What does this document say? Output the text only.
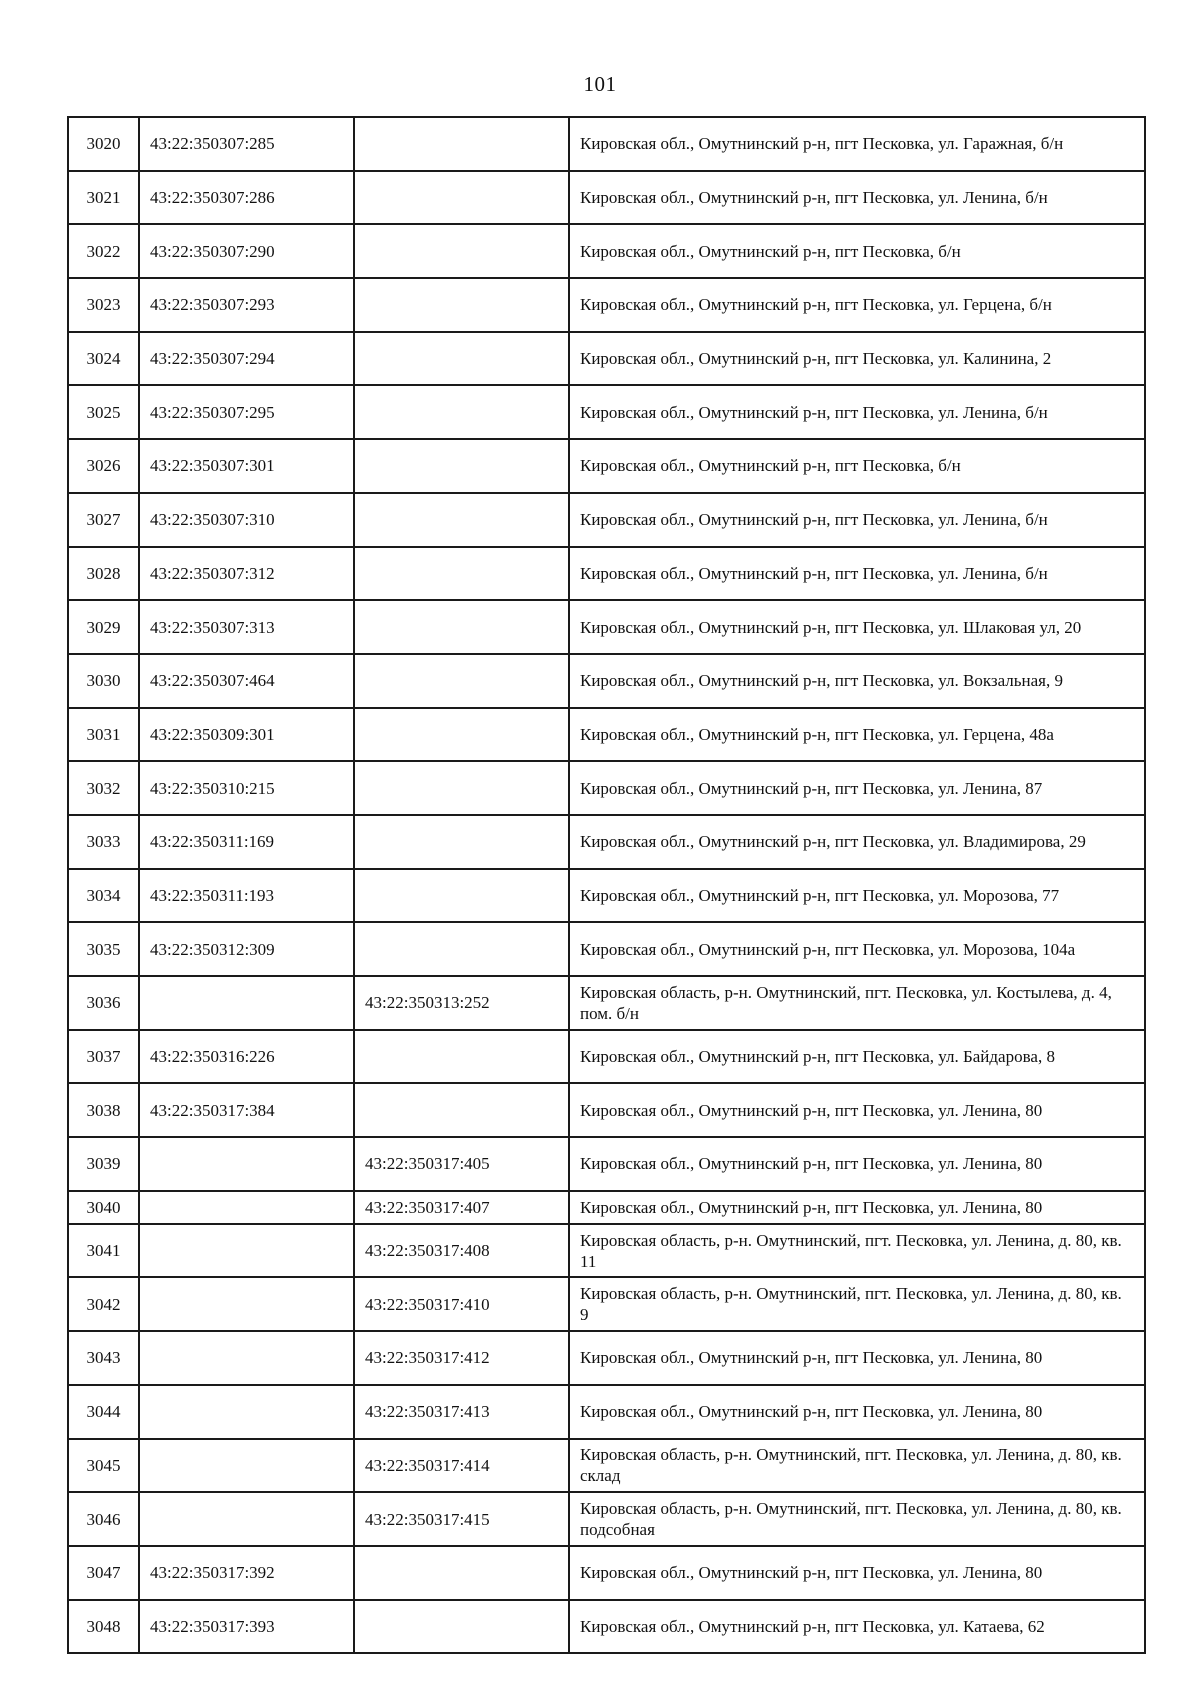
101
3020	43:22:350307:285		Кировская обл., Омутнинский р-н, пгт Песковка, ул. Гаражная, б/н
3021	43:22:350307:286		Кировская обл., Омутнинский р-н, пгт Песковка, ул. Ленина, б/н
3022	43:22:350307:290		Кировская обл., Омутнинский р-н, пгт Песковка, б/н
3023	43:22:350307:293		Кировская обл., Омутнинский р-н, пгт Песковка, ул. Герцена, б/н
3024	43:22:350307:294		Кировская обл., Омутнинский р-н, пгт Песковка, ул. Калинина, 2
3025	43:22:350307:295		Кировская обл., Омутнинский р-н, пгт Песковка, ул. Ленина, б/н
3026	43:22:350307:301		Кировская обл., Омутнинский р-н, пгт Песковка, б/н
3027	43:22:350307:310		Кировская обл., Омутнинский р-н, пгт Песковка, ул. Ленина, б/н
3028	43:22:350307:312		Кировская обл., Омутнинский р-н, пгт Песковка, ул. Ленина, б/н
3029	43:22:350307:313		Кировская обл., Омутнинский р-н, пгт Песковка, ул. Шлаковая ул, 20
3030	43:22:350307:464		Кировская обл., Омутнинский р-н, пгт Песковка, ул. Вокзальная, 9
3031	43:22:350309:301		Кировская обл., Омутнинский р-н, пгт Песковка, ул. Герцена, 48а
3032	43:22:350310:215		Кировская обл., Омутнинский р-н, пгт Песковка, ул. Ленина, 87
3033	43:22:350311:169		Кировская обл., Омутнинский р-н, пгт Песковка, ул. Владимирова, 29
3034	43:22:350311:193		Кировская обл., Омутнинский р-н, пгт Песковка, ул. Морозова, 77
3035	43:22:350312:309		Кировская обл., Омутнинский р-н, пгт Песковка, ул. Морозова, 104а
3036		43:22:350313:252	Кировская область, р-н. Омутнинский, пгт. Песковка, ул. Костылева, д. 4, пом. б/н
3037	43:22:350316:226		Кировская обл., Омутнинский р-н, пгт Песковка, ул. Байдарова, 8
3038	43:22:350317:384		Кировская обл., Омутнинский р-н, пгт Песковка, ул. Ленина, 80
3039		43:22:350317:405	Кировская обл., Омутнинский р-н, пгт Песковка, ул. Ленина, 80
3040		43:22:350317:407	Кировская обл., Омутнинский р-н, пгт Песковка, ул. Ленина, 80
3041		43:22:350317:408	Кировская область, р-н. Омутнинский, пгт. Песковка, ул. Ленина, д. 80, кв. 11
3042		43:22:350317:410	Кировская область, р-н. Омутнинский, пгт. Песковка, ул. Ленина, д. 80, кв. 9
3043		43:22:350317:412	Кировская обл., Омутнинский р-н, пгт Песковка, ул. Ленина, 80
3044		43:22:350317:413	Кировская обл., Омутнинский р-н, пгт Песковка, ул. Ленина, 80
3045		43:22:350317:414	Кировская область, р-н. Омутнинский, пгт. Песковка, ул. Ленина, д. 80, кв. склад
3046		43:22:350317:415	Кировская область, р-н. Омутнинский, пгт. Песковка, ул. Ленина, д. 80, кв. подсобная
3047	43:22:350317:392		Кировская обл., Омутнинский р-н, пгт Песковка, ул. Ленина, 80
3048	43:22:350317:393		Кировская обл., Омутнинский р-н, пгт Песковка, ул. Катаева, 62
